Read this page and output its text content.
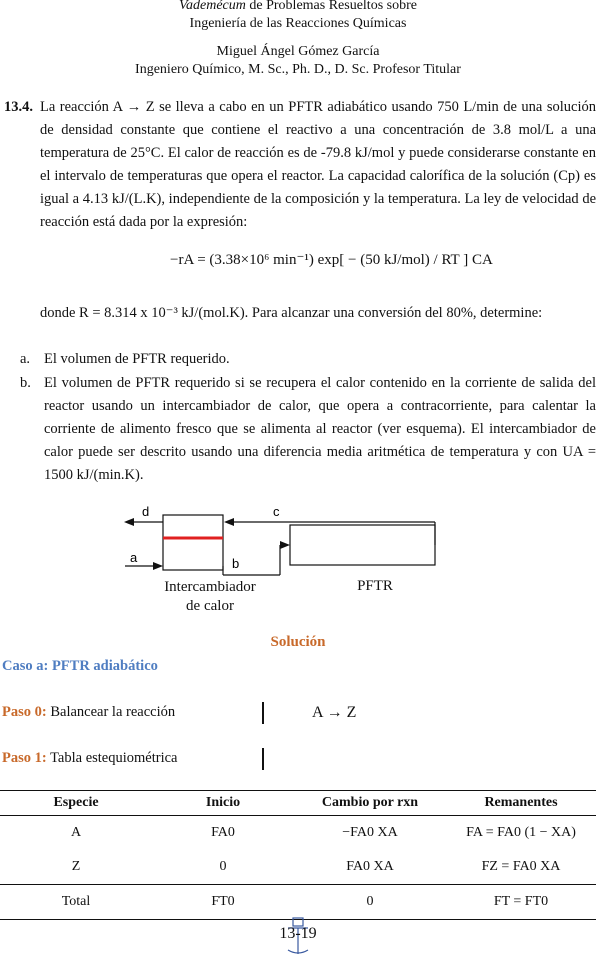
Vademécum de Problemas Resueltos sobre
Ingeniería de las Reacciones Químicas
Miguel Ángel Gómez García
Ingeniero Químico, M. Sc., Ph. D., D. Sc. Profesor Titular
13.4. La reacción A → Z se lleva a cabo en un PFTR adiabático usando 750 L/min de una solución de densidad constante que contiene el reactivo a una concentración de 3.8 mol/L a una temperatura de 25°C. El calor de reacción es de -79.8 kJ/mol y puede considerarse constante en el intervalo de temperaturas que opera el reactor. La capacidad calorífica de la solución (Cp) es igual a 4.13 kJ/(L.K), independiente de la composición y la temperatura. La ley de velocidad de reacción está dada por la expresión:
−rA = (3.38×10⁶ min⁻¹) exp[ − (50 kJ/mol) / RT ] CA
donde R = 8.314 x 10⁻³ kJ/(mol.K). Para alcanzar una conversión del 80%, determine:
a. El volumen de PFTR requerido.
b. El volumen de PFTR requerido si se recupera el calor contenido en la corriente de salida del reactor usando un intercambiador de calor, que opera a contracorriente, para calentar la corriente de alimento fresco que se alimenta al reactor (ver esquema). El intercambiador de calor puede ser descrito usando una diferencia media aritmética de temperatura y con UA = 1500 kJ/(min.K).
d	c
a	b
Intercambiador
de calor
PFTR
Solución
Caso a: PFTR adiabático
Paso 0: Balancear la reacción	A → Z
Paso 1: Tabla estequiométrica
Especie	Inicio	Cambio por rxn	Remanentes
A	FA0	−FA0 XA	FA = FA0 (1 − XA)
Z	0	FA0 XA	FZ = FA0 XA
Total	FT0	0	FT = FT0
13-19
